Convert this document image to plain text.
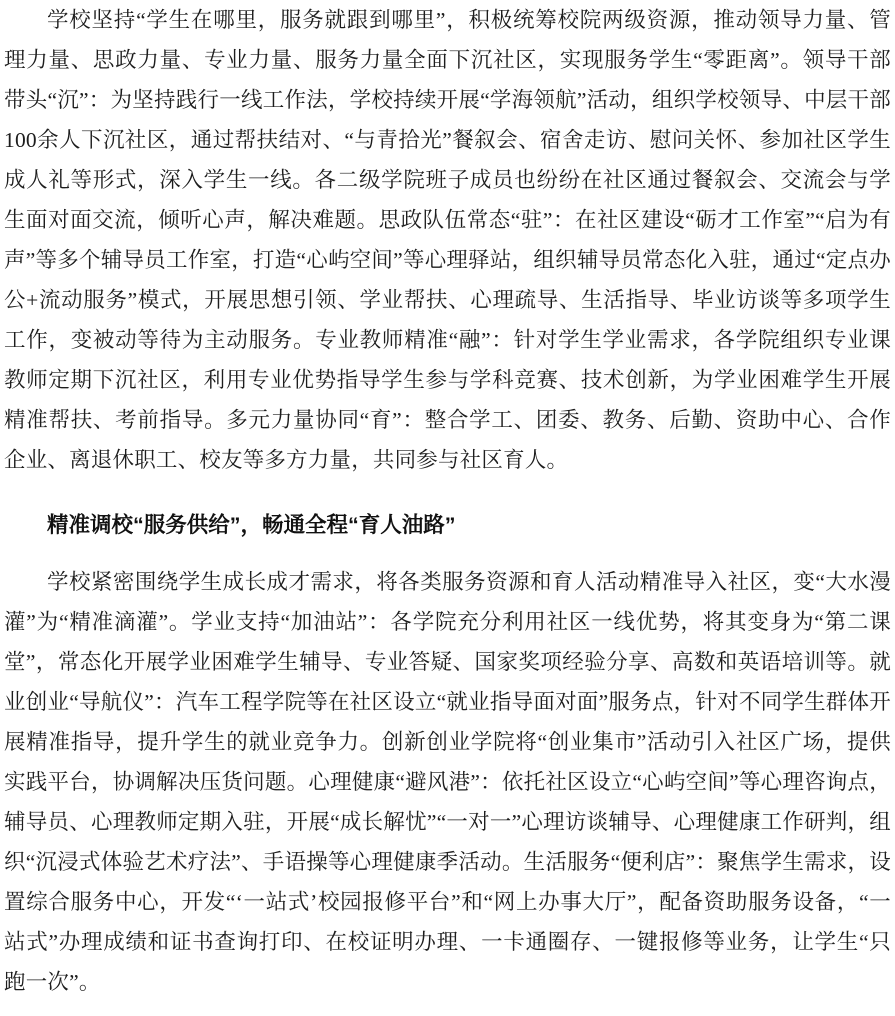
学校坚持“学生在哪里，服务就跟到哪里”，积极统筹校院两级资源，推动领导力量、管理力量、思政力量、专业力量、服务力量全面下沉社区，实现服务学生“零距离”。领导干部带头“沉”：为坚持践行一线工作法，学校持续开展“学海领航”活动，组织学校领导、中层干部100余人下沉社区，通过帮扶结对、“与青拾光”餐叙会、宿舍走访、慰问关怀、参加社区学生成人礼等形式，深入学生一线。各二级学院班子成员也纷纷在社区通过餐叙会、交流会与学生面对面交流，倾听心声，解决难题。思政队伍常态“驻”：在社区建设“砺才工作室”“启为有声”等多个辅导员工作室，打造“心屿空间”等心理驿站，组织辅导员常态化入驻，通过“定点办公+流动服务”模式，开展思想引领、学业帮扶、心理疏导、生活指导、毕业访谈等多项学生工作，变被动等待为主动服务。专业教师精准“融”：针对学生学业需求，各学院组织专业课教师定期下沉社区，利用专业优势指导学生参与学科竞赛、技术创新，为学业困难学生开展精准帮扶、考前指导。多元力量协同“育”：整合学工、团委、教务、后勤、资助中心、合作企业、离退休职工、校友等多方力量，共同参与社区育人。

精准调校“服务供给”，畅通全程“育人油路”

学校紧密围绕学生成长成才需求，将各类服务资源和育人活动精准导入社区，变“大水漫灌”为“精准滴灌”。学业支持“加油站”：各学院充分利用社区一线优势，将其变身为“第二课堂”，常态化开展学业困难学生辅导、专业答疑、国家奖项经验分享、高数和英语培训等。就业创业“导航仪”：汽车工程学院等在社区设立“就业指导面对面”服务点，针对不同学生群体开展精准指导，提升学生的就业竞争力。创新创业学院将“创业集市”活动引入社区广场，提供实践平台，协调解决压货问题。心理健康“避风港”：依托社区设立“心屿空间”等心理咨询点，辅导员、心理教师定期入驻，开展“成长解忧”“一对一”心理访谈辅导、心理健康工作研判，组织“沉浸式体验艺术疗法”、手语操等心理健康季活动。生活服务“便利店”：聚焦学生需求，设置综合服务中心，开发“‘一站式’校园报修平台”和“网上办事大厅”，配备资助服务设备，“一站式”办理成绩和证书查询打印、在校证明办理、一卡通圈存、一键报修等业务，让学生“只跑一次”。
